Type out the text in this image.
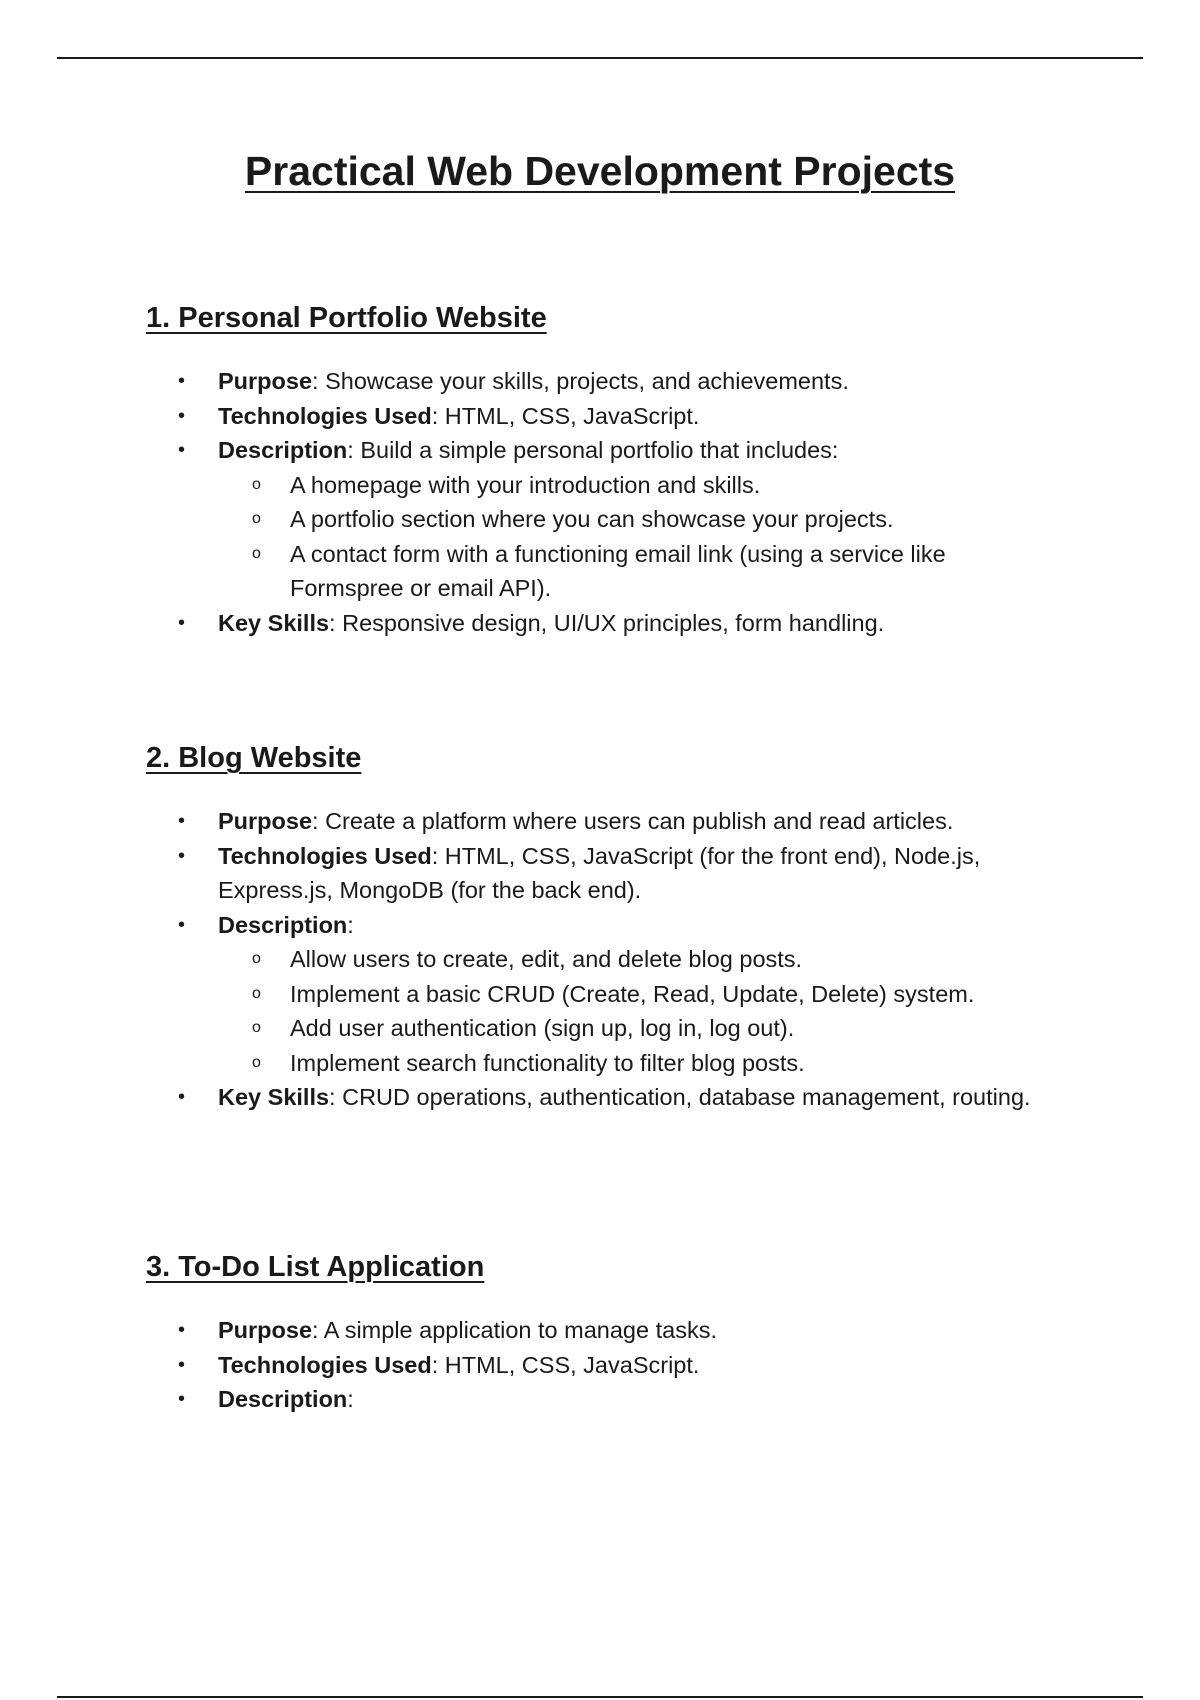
Practical Web Development Projects
1. Personal Portfolio Website
• Purpose: Showcase your skills, projects, and achievements.
• Technologies Used: HTML, CSS, JavaScript.
• Description: Build a simple personal portfolio that includes:
o A homepage with your introduction and skills.
o A portfolio section where you can showcase your projects.
o A contact form with a functioning email link (using a service like Formspree or email API).
• Key Skills: Responsive design, UI/UX principles, form handling.
2. Blog Website
• Purpose: Create a platform where users can publish and read articles.
• Technologies Used: HTML, CSS, JavaScript (for the front end), Node.js, Express.js, MongoDB (for the back end).
• Description:
o Allow users to create, edit, and delete blog posts.
o Implement a basic CRUD (Create, Read, Update, Delete) system.
o Add user authentication (sign up, log in, log out).
o Implement search functionality to filter blog posts.
• Key Skills: CRUD operations, authentication, database management, routing.
3. To-Do List Application
• Purpose: A simple application to manage tasks.
• Technologies Used: HTML, CSS, JavaScript.
• Description:
